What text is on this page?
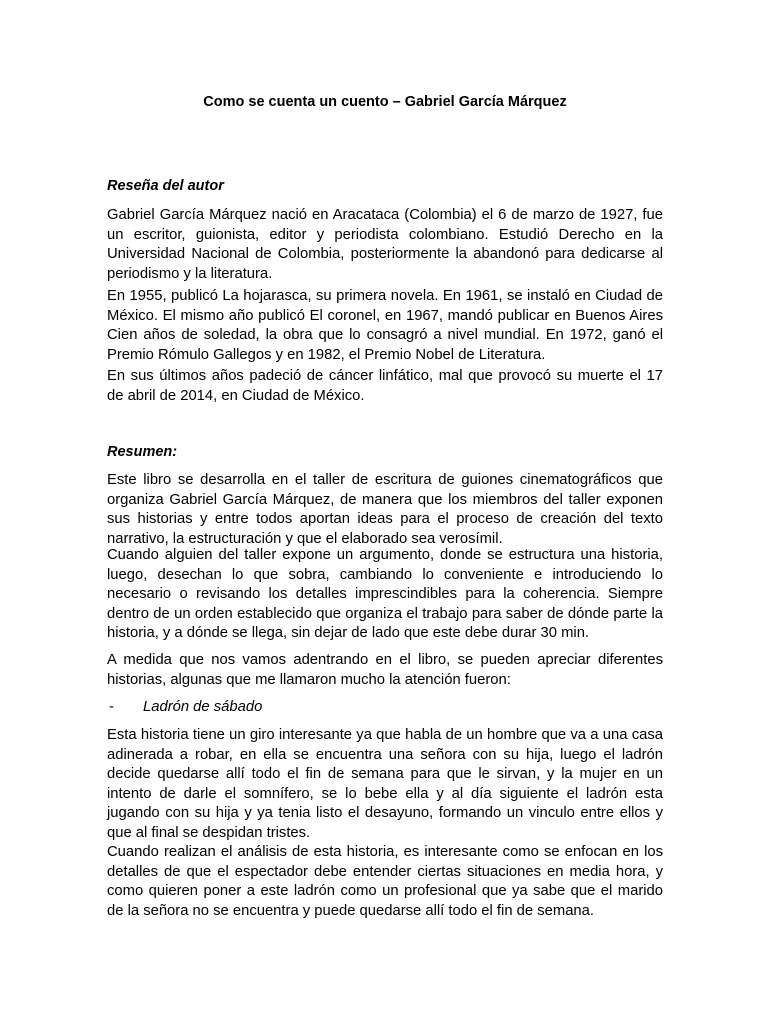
Como se cuenta un cuento – Gabriel García Márquez
Reseña del autor

Gabriel García Márquez nació en Aracataca (Colombia) el 6 de marzo de 1927, fue un escritor, guionista, editor y periodista colombiano. Estudió Derecho en la Universidad Nacional de Colombia, posteriormente la abandonó para dedicarse al periodismo y la literatura.

En 1955, publicó La hojarasca, su primera novela. En 1961, se instaló en Ciudad de México. El mismo año publicó El coronel, en 1967, mandó publicar en Buenos Aires Cien años de soledad, la obra que lo consagró a nivel mundial. En 1972, ganó el Premio Rómulo Gallegos y en 1982, el Premio Nobel de Literatura.

En sus últimos años padeció de cáncer linfático, mal que provocó su muerte el 17 de abril de 2014, en Ciudad de México.

Resumen:

Este libro se desarrolla en el taller de escritura de guiones cinematográficos que organiza Gabriel García Márquez, de manera que los miembros del taller exponen sus historias y entre todos aportan ideas para el proceso de creación del texto narrativo, la estructuración y que el elaborado sea verosímil.

Cuando alguien del taller expone un argumento, donde se estructura una historia, luego, desechan lo que sobra, cambiando lo conveniente e introduciendo lo necesario o revisando los detalles imprescindibles para la coherencia. Siempre dentro de un orden establecido que organiza el trabajo para saber de dónde parte la historia, y a dónde se llega, sin dejar de lado que este debe durar 30 min.

A medida que nos vamos adentrando en el libro, se pueden apreciar diferentes historias, algunas que me llamaron mucho la atención fueron:

- Ladrón de sábado

Esta historia tiene un giro interesante ya que habla de un hombre que va a una casa adinerada a robar, en ella se encuentra una señora con su hija, luego el ladrón decide quedarse allí todo el fin de semana para que le sirvan, y la mujer en un intento de darle el somnífero, se lo bebe ella y al día siguiente el ladrón esta jugando con su hija y ya tenia listo el desayuno, formando un vinculo entre ellos y que al final se despidan tristes.

Cuando realizan el análisis de esta historia, es interesante como se enfocan en los detalles de que el espectador debe entender ciertas situaciones en media hora, y como quieren poner a este ladrón como un profesional que ya sabe que el marido de la señora no se encuentra y puede quedarse allí todo el fin de semana.
